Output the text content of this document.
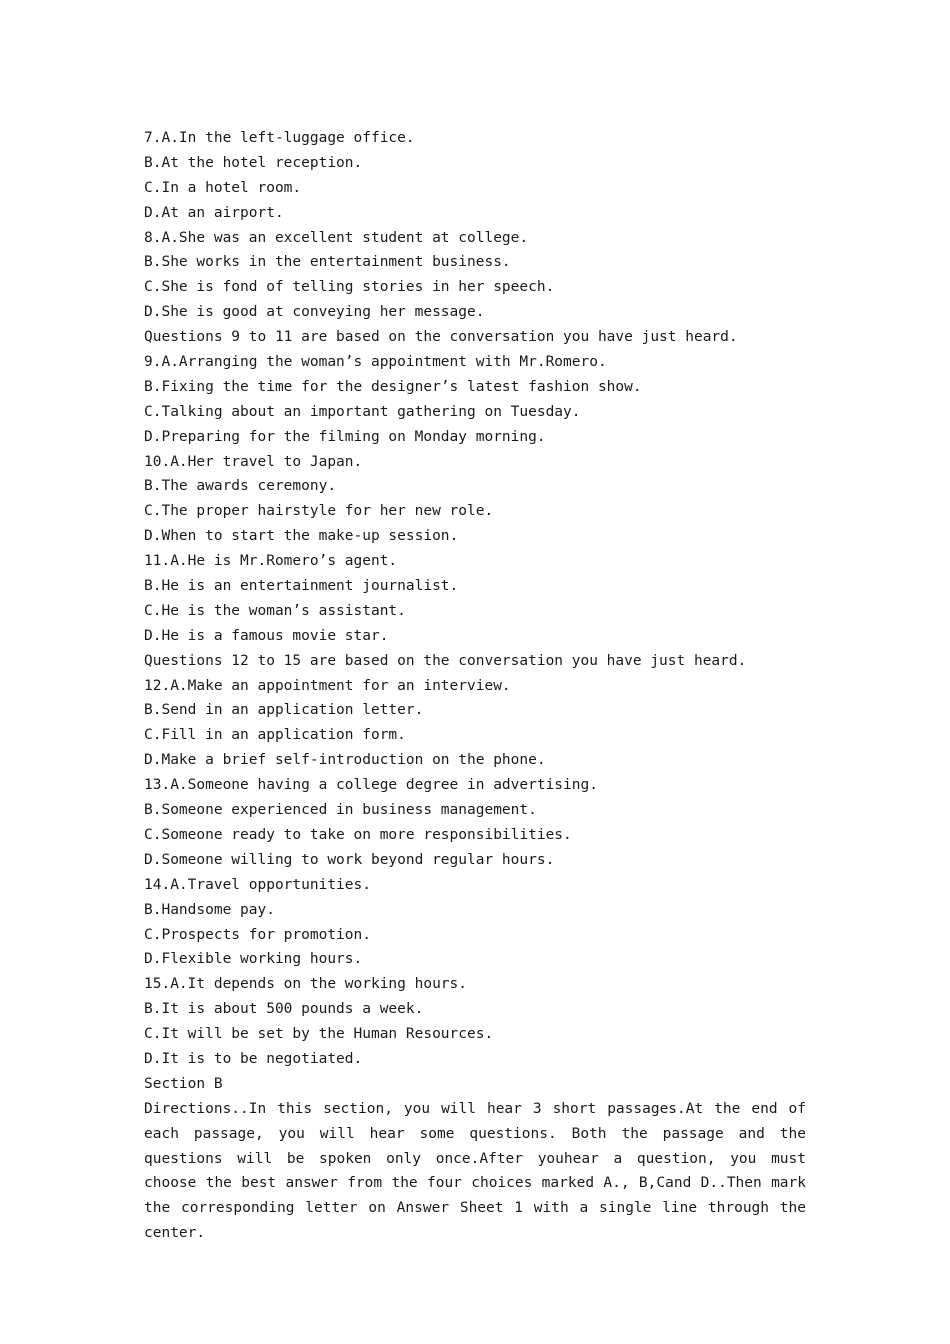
7.A.In the left-luggage office.
B.At the hotel reception.
C.In a hotel room.
D.At an airport.
8.A.She was an excellent student at college.
B.She works in the entertainment business.
C.She is fond of telling stories in her speech.
D.She is good at conveying her message.
Questions 9 to 11 are based on the conversation you have just heard.
9.A.Arranging the woman’s appointment with Mr.Romero.
B.Fixing the time for the designer’s latest fashion show.
C.Talking about an important gathering on Tuesday.
D.Preparing for the filming on Monday morning.
10.A.Her travel to Japan.
B.The awards ceremony.
C.The proper hairstyle for her new role.
D.When to start the make-up session.
11.A.He is Mr.Romero’s agent.
B.He is an entertainment journalist.
C.He is the woman’s assistant.
D.He is a famous movie star.
Questions 12 to 15 are based on the conversation you have just heard.
12.A.Make an appointment for an interview.
B.Send in an application letter.
C.Fill in an application form.
D.Make a brief self-introduction on the phone.
13.A.Someone having a college degree in advertising.
B.Someone experienced in business management.
C.Someone ready to take on more responsibilities.
D.Someone willing to work beyond regular hours.
14.A.Travel opportunities.
B.Handsome pay.
C.Prospects for promotion.
D.Flexible working hours.
15.A.It depends on the working hours.
B.It is about 500 pounds a week.
C.It will be set by the Human Resources.
D.It is to be negotiated.
Section B
Directions..In this section, you will hear 3 short passages.At the end of each passage, you will hear some questions. Both the passage and the questions will be spoken only once.After youhear a question, you must choose the best answer from the four choices marked A., B,Cand D..Then mark the corresponding letter on Answer Sheet 1 with a single line through the center.
